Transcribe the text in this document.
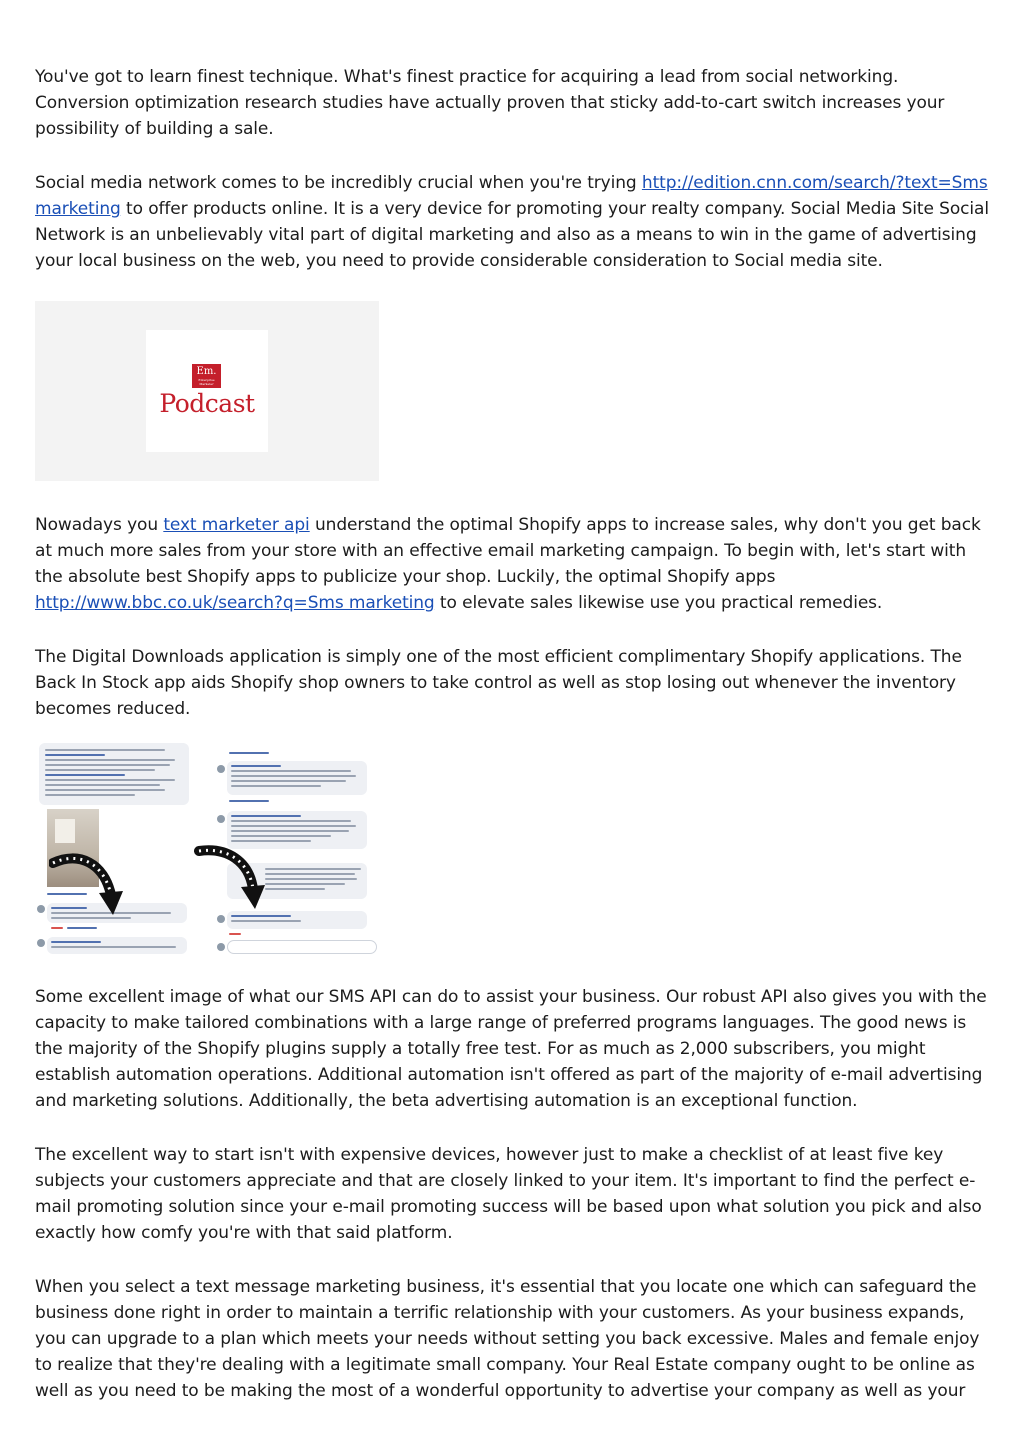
You've got to learn finest technique. What's finest practice for acquiring a lead from social networking. Conversion optimization research studies have actually proven that sticky add-to-cart switch increases your possibility of building a sale.

Social media network comes to be incredibly crucial when you're trying http://edition.cnn.com/search/?text=Sms marketing to offer products online. It is a very device for promoting your realty company. Social Media Site Social Network is an unbelievably vital part of digital marketing and also as a means to win in the game of advertising your local business on the web, you need to provide considerable consideration to Social media site.

Em.
Enterprise Marketer
Podcast

Nowadays you text marketer api understand the optimal Shopify apps to increase sales, why don't you get back at much more sales from your store with an effective email marketing campaign. To begin with, let's start with the absolute best Shopify apps to publicize your shop. Luckily, the optimal Shopify apps http://www.bbc.co.uk/search?q=Sms marketing to elevate sales likewise use you practical remedies.

The Digital Downloads application is simply one of the most efficient complimentary Shopify applications. The Back In Stock app aids Shopify shop owners to take control as well as stop losing out whenever the inventory becomes reduced.

Some excellent image of what our SMS API can do to assist your business. Our robust API also gives you with the capacity to make tailored combinations with a large range of preferred programs languages. The good news is the majority of the Shopify plugins supply a totally free test. For as much as 2,000 subscribers, you might establish automation operations. Additional automation isn't offered as part of the majority of e-mail advertising and marketing solutions. Additionally, the beta advertising automation is an exceptional function.

The excellent way to start isn't with expensive devices, however just to make a checklist of at least five key subjects your customers appreciate and that are closely linked to your item. It's important to find the perfect e-mail promoting solution since your e-mail promoting success will be based upon what solution you pick and also exactly how comfy you're with that said platform.

When you select a text message marketing business, it's essential that you locate one which can safeguard the business done right in order to maintain a terrific relationship with your customers. As your business expands, you can upgrade to a plan which meets your needs without setting you back excessive. Males and female enjoy to realize that they're dealing with a legitimate small company. Your Real Estate company ought to be online as well as you need to be making the most of a wonderful opportunity to advertise your company as well as your
